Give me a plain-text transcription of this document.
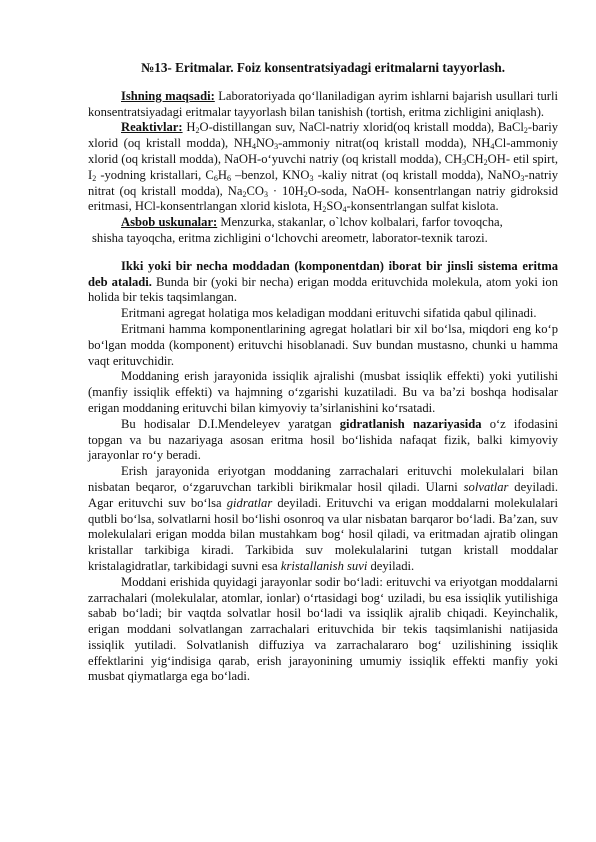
№13- Eritmalar. Foiz konsentratsiyadagi eritmalarni tayyorlash.

Ishning maqsadi: Laboratoriyada qo‘llaniladigan ayrim ishlarni bajarish usullari turli konsentratsiyadagi eritmalar tayyorlash bilan tanishish (tortish, eritma zichligini aniqlash).

Reaktivlar: $H_2O$-distillangan suv, NaCl-natriy xlorid(oq kristall modda), BaCl$_2$-bariy xlorid (oq kristall modda), $NH_4NO_3$-ammoniy nitrat(oq kristall modda), $NH_4Cl$-ammoniy xlorid (oq kristall modda), NaOH-o‘yuvchi natriy (oq kristall modda), $CH_3CH_2OH-$ etil spirt, $I_2$ -yodning kristallari, $C_6H_6$ –benzol, $KNO_3$ -kaliy nitrat (oq kristall modda), NaNO$_3$-natriy nitrat (oq kristall modda), $Na_2CO_3$ · $10H_2O$-soda, NaOH- konsentrlangan natriy gidroksid eritmasi, HCl-konsentrlangan xlorid kislota, $H_2SO_4$-konsentrlangan sulfat kislota.

Asbob uskunalar: Menzurka, stakanlar, o`lchov kolbalari, farfor tovoqcha,

shisha tayoqcha, eritma zichligini o‘lchovchi areometr, laborator-texnik tarozi.

Ikki yoki bir necha moddadan (komponentdan) iborat bir jinsli sistema eritma deb ataladi. Bunda bir (yoki bir necha) erigan modda erituvchida molekula, atom yoki ion holida bir tekis taqsimlangan.

Eritmani agregat holatiga mos keladigan moddani erituvchi sifatida qabul qilinadi.

Eritmani hamma komponentlarining agregat holatlari bir xil bo‘lsa, miqdori eng ko‘p bo‘lgan modda (komponent) erituvchi hisoblanadi. Suv bundan mustasno, chunki u hamma vaqt erituvchidir.

Moddaning erish jarayonida issiqlik ajralishi (musbat issiqlik effekti) yoki yutilishi (manfiy issiqlik effekti) va hajmning o‘zgarishi kuzatiladi. Bu va ba’zi boshqa hodisalar erigan moddaning erituvchi bilan kimyoviy ta’sirlanishini ko‘rsatadi.

Bu hodisalar D.I.Mendeleyev yaratgan gidratlanish nazariyasida o‘z ifodasini topgan va bu nazariyaga asosan eritma hosil bo‘lishida nafaqat fizik, balki kimyoviy jarayonlar ro‘y beradi.

Erish jarayonida eriyotgan moddaning zarrachalari erituvchi molekulalari bilan nisbatan beqaror, o‘zgaruvchan tarkibli birikmalar hosil qiladi. Ularni solvatlar deyiladi. Agar erituvchi suv bo‘lsa gidratlar deyiladi. Erituvchi va erigan moddalarni molekulalari qutbli bo‘lsa, solvatlarni hosil bo‘lishi osonroq va ular nisbatan barqaror bo‘ladi. Ba’zan, suv molekulalari erigan modda bilan mustahkam bog‘ hosil qiladi, va eritmadan ajratib olingan kristallar tarkibiga kiradi. Tarkibida suv molekulalarini tutgan kristall moddalar kristalagidratlar, tarkibidagi suvni esa kristallanish suvi deyiladi.

Moddani erishida quyidagi jarayonlar sodir bo‘ladi: erituvchi va eriyotgan moddalarni zarrachalari (molekulalar, atomlar, ionlar) o‘rtasidagi bog‘ uziladi, bu esa issiqlik yutilishiga sabab bo‘ladi; bir vaqtda solvatlar hosil bo‘ladi va issiqlik ajralib chiqadi. Keyinchalik, erigan moddani solvatlangan zarrachalari erituvchida bir tekis taqsimlanishi natijasida issiqlik yutiladi. Solvatlanish diffuziya va zarrachalararo bog‘ uzilishining issiqlik effektlarini yig‘indisiga qarab, erish jarayonining umumiy issiqlik effekti manfiy yoki musbat qiymatlarga ega bo‘ladi.
